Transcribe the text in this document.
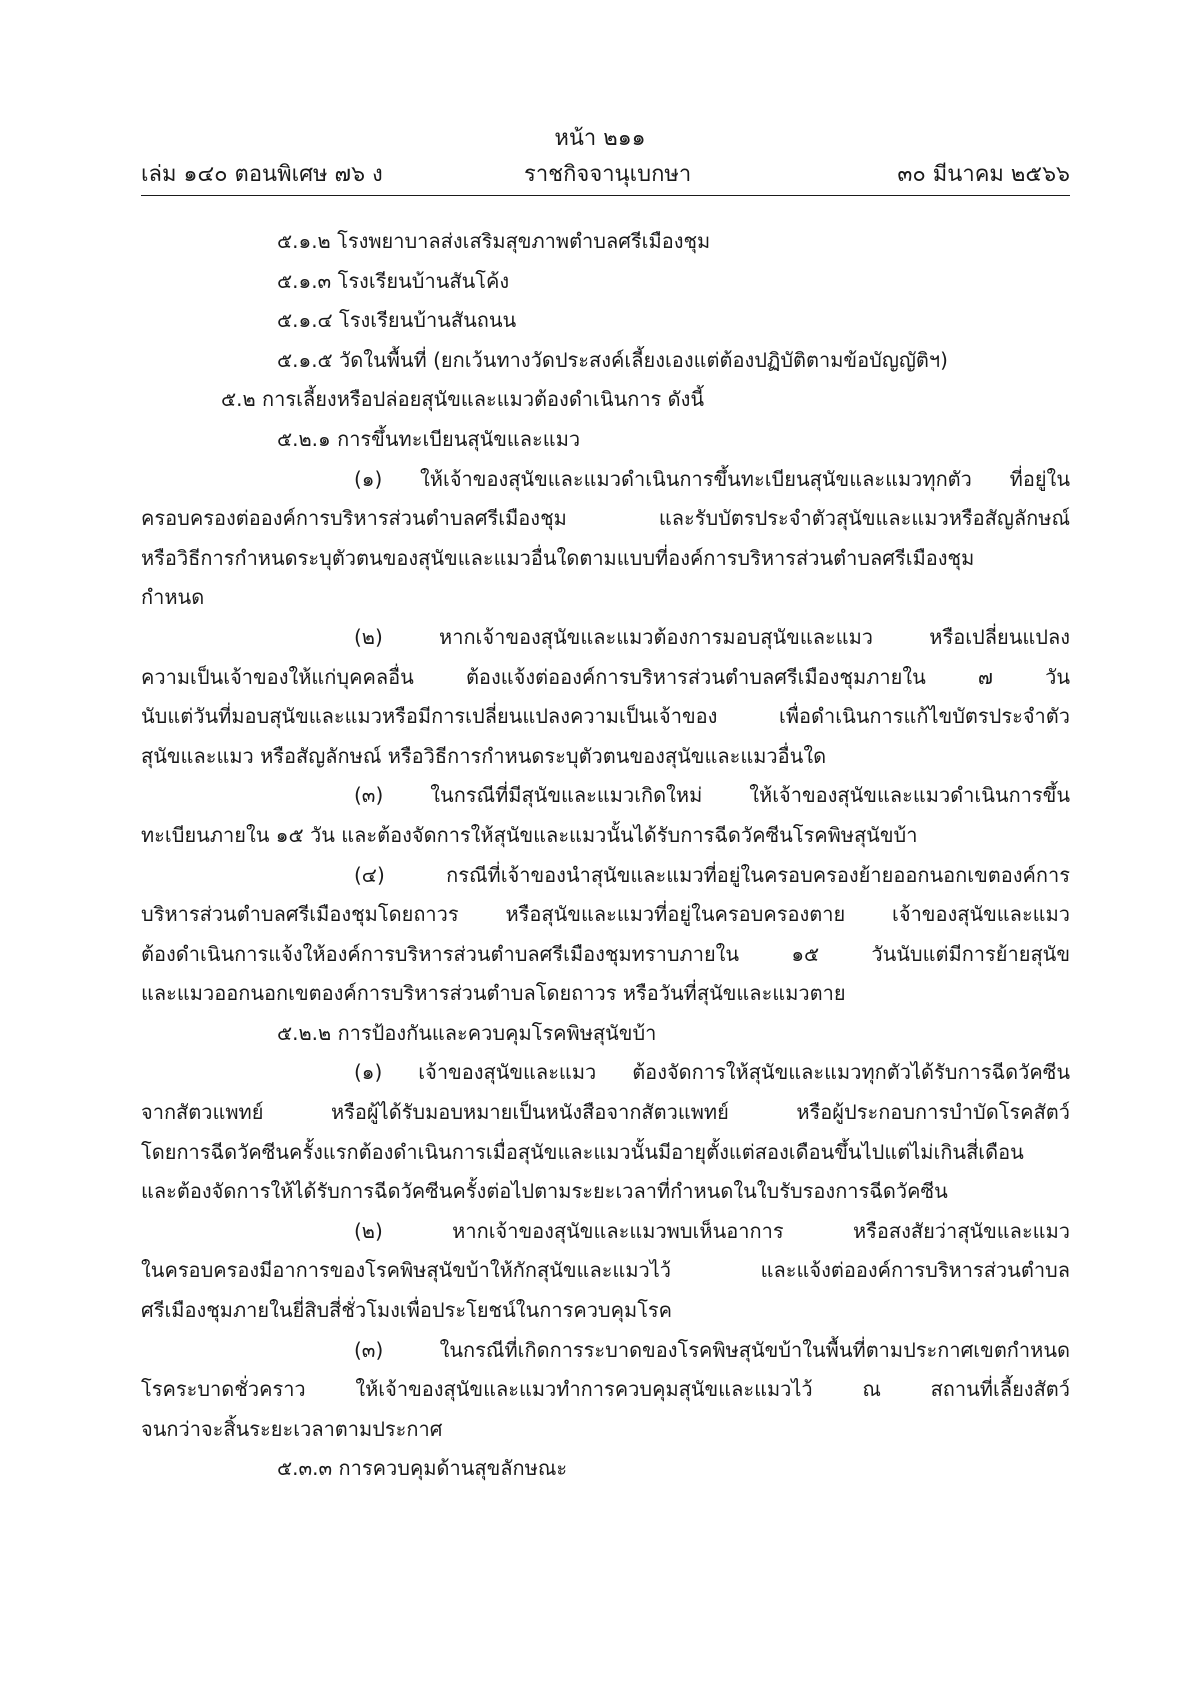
หน้า ๒๑๑
เล่ม ๑๔๐ ตอนพิเศษ ๗๖ ง	ราชกิจจานุเบกษา	๓๐ มีนาคม ๒๕๖๖
๕.๑.๒ โรงพยาบาลส่งเสริมสุขภาพตำบลศรีเมืองชุม
๕.๑.๓ โรงเรียนบ้านสันโค้ง
๕.๑.๔ โรงเรียนบ้านสันถนน
๕.๑.๕ วัดในพื้นที่ (ยกเว้นทางวัดประสงค์เลี้ยงเองแต่ต้องปฏิบัติตามข้อบัญญัติฯ)
๕.๒ การเลี้ยงหรือปล่อยสุนัขและแมวต้องดำเนินการ ดังนี้
๕.๒.๑ การขึ้นทะเบียนสุนัขและแมว
(๑) ให้เจ้าของสุนัขและแมวดำเนินการขึ้นทะเบียนสุนัขและแมวทุกตัว ที่อยู่ใน
ครอบครองต่อองค์การบริหารส่วนตำบลศรีเมืองชุม และรับบัตรประจำตัวสุนัขและแมวหรือสัญลักษณ์
หรือวิธีการกำหนดระบุตัวตนของสุนัขและแมวอื่นใดตามแบบที่องค์การบริหารส่วนตำบลศรีเมืองชุม
กำหนด
(๒) หากเจ้าของสุนัขและแมวต้องการมอบสุนัขและแมว หรือเปลี่ยนแปลง
ความเป็นเจ้าของให้แก่บุคคลอื่น ต้องแจ้งต่อองค์การบริหารส่วนตำบลศรีเมืองชุมภายใน ๗ วัน
นับแต่วันที่มอบสุนัขและแมวหรือมีการเปลี่ยนแปลงความเป็นเจ้าของ เพื่อดำเนินการแก้ไขบัตรประจำตัว
สุนัขและแมว หรือสัญลักษณ์ หรือวิธีการกำหนดระบุตัวตนของสุนัขและแมวอื่นใด
(๓) ในกรณีที่มีสุนัขและแมวเกิดใหม่ ให้เจ้าของสุนัขและแมวดำเนินการขึ้น
ทะเบียนภายใน ๑๕ วัน และต้องจัดการให้สุนัขและแมวนั้นได้รับการฉีดวัคซีนโรคพิษสุนัขบ้า
(๔) กรณีที่เจ้าของนำสุนัขและแมวที่อยู่ในครอบครองย้ายออกนอกเขตองค์การ
บริหารส่วนตำบลศรีเมืองชุมโดยถาวร หรือสุนัขและแมวที่อยู่ในครอบครองตาย เจ้าของสุนัขและแมว
ต้องดำเนินการแจ้งให้องค์การบริหารส่วนตำบลศรีเมืองชุมทราบภายใน ๑๕ วันนับแต่มีการย้ายสุนัข
และแมวออกนอกเขตองค์การบริหารส่วนตำบลโดยถาวร หรือวันที่สุนัขและแมวตาย
๕.๒.๒ การป้องกันและควบคุมโรคพิษสุนัขบ้า
(๑) เจ้าของสุนัขและแมว ต้องจัดการให้สุนัขและแมวทุกตัวได้รับการฉีดวัคซีน
จากสัตวแพทย์ หรือผู้ได้รับมอบหมายเป็นหนังสือจากสัตวแพทย์ หรือผู้ประกอบการบำบัดโรคสัตว์
โดยการฉีดวัคซีนครั้งแรกต้องดำเนินการเมื่อสุนัขและแมวนั้นมีอายุตั้งแต่สองเดือนขึ้นไปแต่ไม่เกินสี่เดือน
และต้องจัดการให้ได้รับการฉีดวัคซีนครั้งต่อไปตามระยะเวลาที่กำหนดในใบรับรองการฉีดวัคซีน
(๒) หากเจ้าของสุนัขและแมวพบเห็นอาการ หรือสงสัยว่าสุนัขและแมว
ในครอบครองมีอาการของโรคพิษสุนัขบ้าให้กักสุนัขและแมวไว้ และแจ้งต่อองค์การบริหารส่วนตำบล
ศรีเมืองชุมภายในยี่สิบสี่ชั่วโมงเพื่อประโยชน์ในการควบคุมโรค
(๓) ในกรณีที่เกิดการระบาดของโรคพิษสุนัขบ้าในพื้นที่ตามประกาศเขตกำหนด
โรคระบาดชั่วคราว ให้เจ้าของสุนัขและแมวทำการควบคุมสุนัขและแมวไว้ ณ สถานที่เลี้ยงสัตว์
จนกว่าจะสิ้นระยะเวลาตามประกาศ
๕.๓.๓ การควบคุมด้านสุขลักษณะ
